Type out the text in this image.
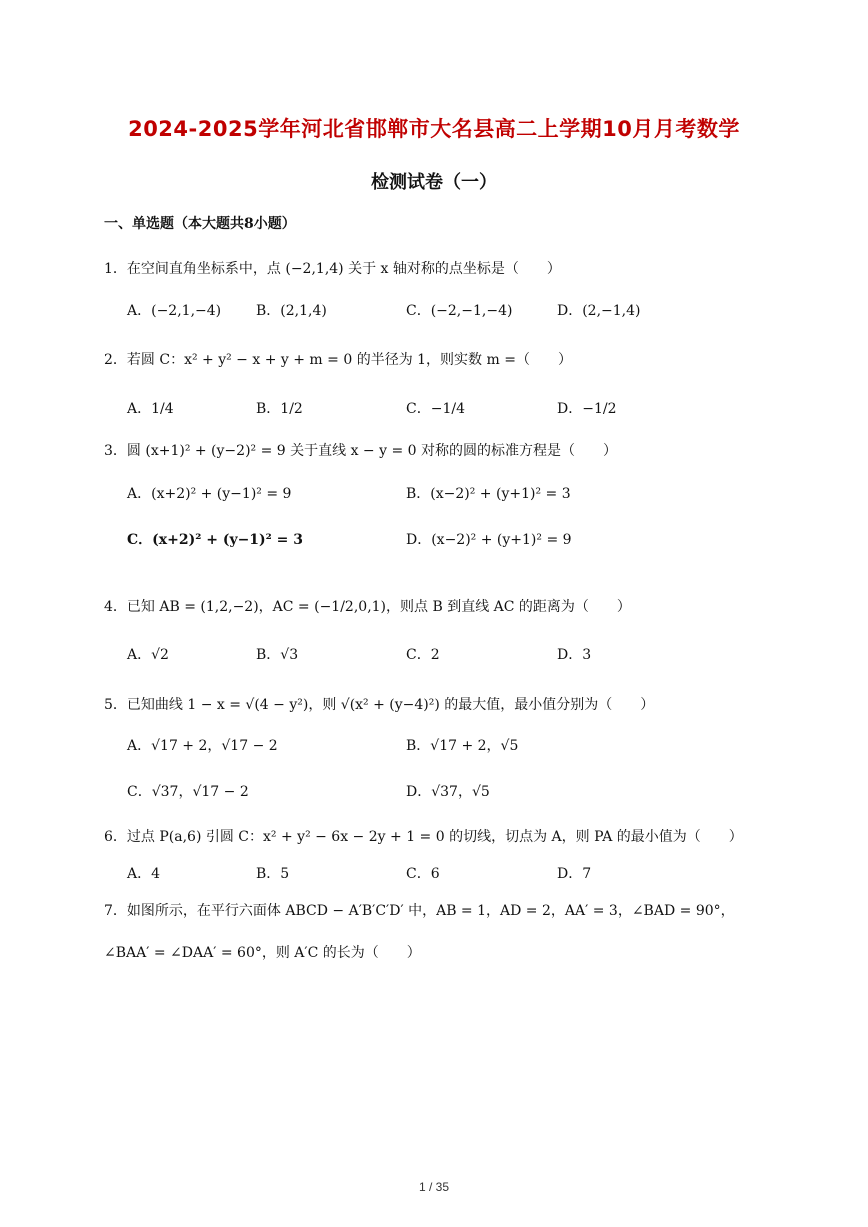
2024-2025学年河北省邯郸市大名县高二上学期10月月考数学
检测试卷（一）
一、单选题（本大题共8小题）
1．在空间直角坐标系中，点 (−2,1,4) 关于 x 轴对称的点坐标是（　　）
A．(−2,1,−4) B．(2,1,4)	C．(−2,−1,−4)	D．(2,−1,4)
2．若圆 C：x² + y² − x + y + m = 0 的半径为 1，则实数 m =（　　）
A．1/4	B．1/2	C．−1/4	D．−1/2
3．圆 (x+1)² + (y−2)² = 9 关于直线 x − y = 0 对称的圆的标准方程是（　　）
A．(x+2)² + (y−1)² = 9	B．(x−2)² + (y+1)² = 3
C．(x+2)² + (y−1)² = 3	D．(x−2)² + (y+1)² = 9
4．已知 AB = (1,2,−2)，AC = (−1/2,0,1)，则点 B 到直线 AC 的距离为（　　）
A．√2	B．√3	C．2	D．3
5．已知曲线 1 − x = √(4 − y²)，则 √(x² + (y−4)²) 的最大值，最小值分别为（　　）
A．√17 + 2，√17 − 2	B．√17 + 2，√5
C．√37，√17 − 2	D．√37，√5
6．过点 P(a,6) 引圆 C：x² + y² − 6x − 2y + 1 = 0 的切线，切点为 A，则 PA 的最小值为（　　）
A．4	B．5	C．6	D．7
7．如图所示，在平行六面体 ABCD − A′B′C′D′ 中，AB = 1，AD = 2，AA′ = 3，∠BAD = 90°，
∠BAA′ = ∠DAA′ = 60°，则 A′C 的长为（　　）
1 / 35
